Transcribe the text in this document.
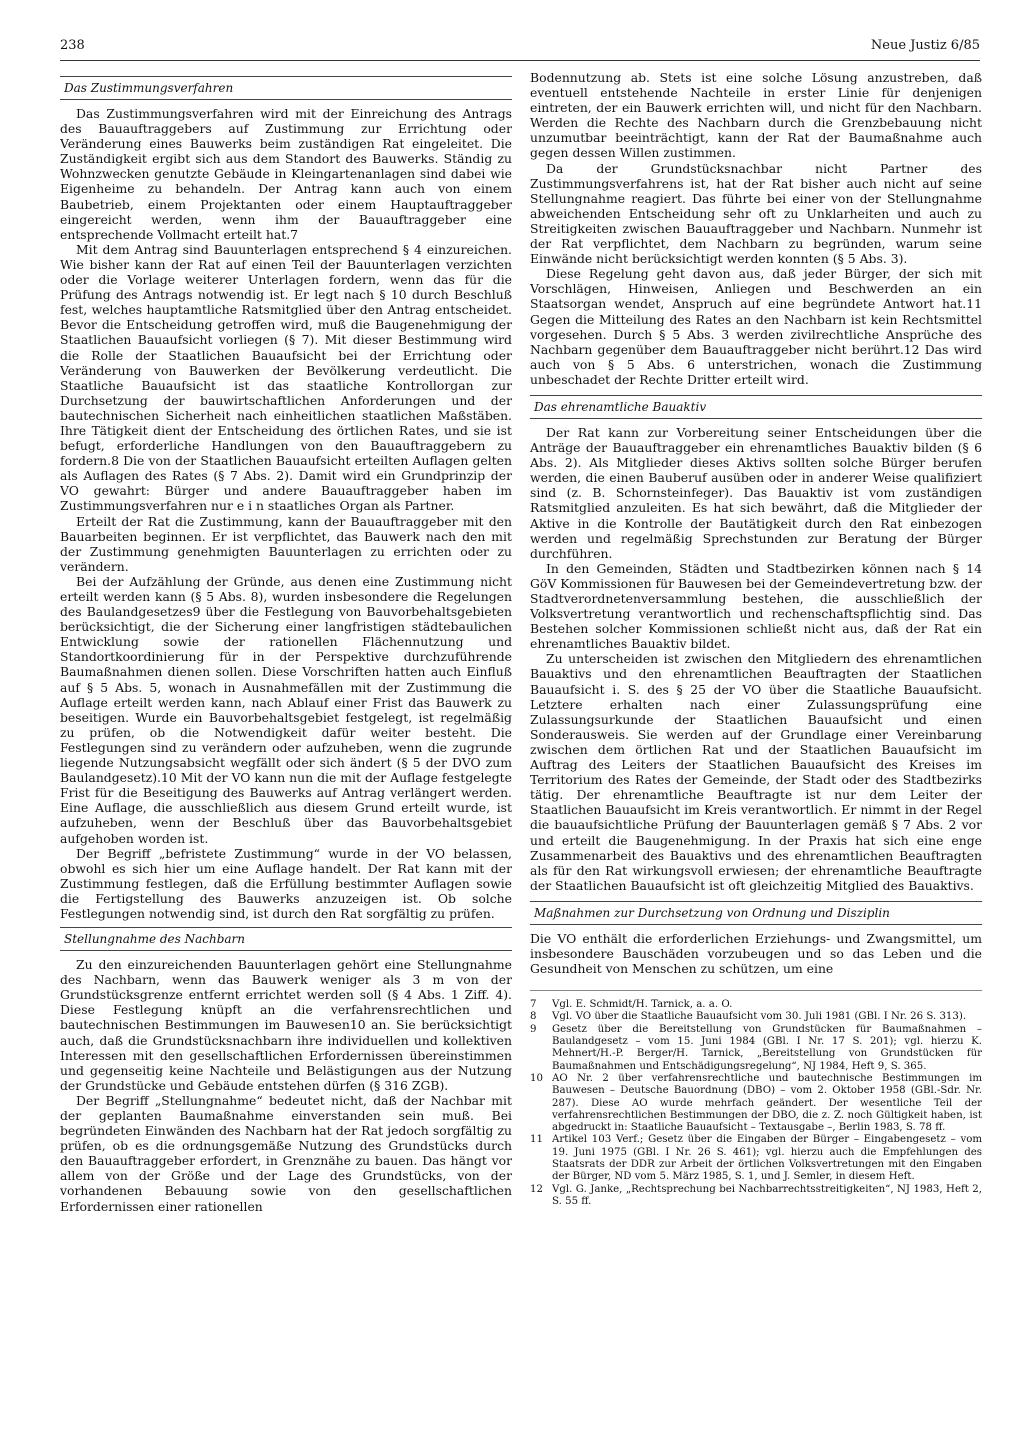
238	Neue Justiz 6/85
Das Zustimmungsverfahren

Das Zustimmungsverfahren wird mit der Einreichung des Antrags des Bauauftraggebers auf Zustimmung zur Errichtung oder Veränderung eines Bauwerks beim zuständigen Rat eingeleitet. Die Zuständigkeit ergibt sich aus dem Standort des Bauwerks. Ständig zu Wohnzwecken genutzte Gebäude in Kleingartenanlagen sind dabei wie Eigenheime zu behandeln. Der Antrag kann auch von einem Baubetrieb, einem Projektanten oder einem Hauptauftraggeber eingereicht werden, wenn ihm der Bauauftraggeber eine entsprechende Vollmacht erteilt hat.7

Mit dem Antrag sind Bauunterlagen entsprechend § 4 einzureichen. Wie bisher kann der Rat auf einen Teil der Bauunterlagen verzichten oder die Vorlage weiterer Unterlagen fordern, wenn das für die Prüfung des Antrags notwendig ist. Er legt nach § 10 durch Beschluß fest, welches hauptamtliche Ratsmitglied über den Antrag entscheidet. Bevor die Entscheidung getroffen wird, muß die Baugenehmigung der Staatlichen Bauaufsicht vorliegen (§ 7). Mit dieser Bestimmung wird die Rolle der Staatlichen Bauaufsicht bei der Errichtung oder Veränderung von Bauwerken der Bevölkerung verdeutlicht. Die Staatliche Bauaufsicht ist das staatliche Kontrollorgan zur Durchsetzung der bauwirtschaftlichen Anforderungen und der bautechnischen Sicherheit nach einheitlichen staatlichen Maßstäben. Ihre Tätigkeit dient der Entscheidung des örtlichen Rates, und sie ist befugt, erforderliche Handlungen von den Bauauftraggebern zu fordern.8 Die von der Staatlichen Bauaufsicht erteilten Auflagen gelten als Auflagen des Rates (§ 7 Abs. 2). Damit wird ein Grundprinzip der VO gewahrt: Bürger und andere Bauauftraggeber haben im Zustimmungsverfahren nur e i n staatliches Organ als Partner.

Erteilt der Rat die Zustimmung, kann der Bauauftraggeber mit den Bauarbeiten beginnen. Er ist verpflichtet, das Bauwerk nach den mit der Zustimmung genehmigten Bauunterlagen zu errichten oder zu verändern.

Bei der Aufzählung der Gründe, aus denen eine Zustimmung nicht erteilt werden kann (§ 5 Abs. 8), wurden insbesondere die Regelungen des Baulandgesetzes9 über die Festlegung von Bauvorbehaltsgebieten berücksichtigt, die der Sicherung einer langfristigen städtebaulichen Entwicklung sowie der rationellen Flächennutzung und Standortkoordinierung für in der Perspektive durchzuführende Baumaßnahmen dienen sollen. Diese Vorschriften hatten auch Einfluß auf § 5 Abs. 5, wonach in Ausnahmefällen mit der Zustimmung die Auflage erteilt werden kann, nach Ablauf einer Frist das Bauwerk zu beseitigen. Wurde ein Bauvorbehaltsgebiet festgelegt, ist regelmäßig zu prüfen, ob die Notwendigkeit dafür weiter besteht. Die Festlegungen sind zu verändern oder aufzuheben, wenn die zugrunde liegende Nutzungsabsicht wegfällt oder sich ändert (§ 5 der DVO zum Baulandgesetz).10 Mit der VO kann nun die mit der Auflage festgelegte Frist für die Beseitigung des Bauwerks auf Antrag verlängert werden. Eine Auflage, die ausschließlich aus diesem Grund erteilt wurde, ist aufzuheben, wenn der Beschluß über das Bauvorbehaltsgebiet aufgehoben worden ist.

Der Begriff „befristete Zustimmung“ wurde in der VO belassen, obwohl es sich hier um eine Auflage handelt. Der Rat kann mit der Zustimmung festlegen, daß die Erfüllung bestimmter Auflagen sowie die Fertigstellung des Bauwerks anzuzeigen ist. Ob solche Festlegungen notwendig sind, ist durch den Rat sorgfältig zu prüfen.

Stellungnahme des Nachbarn

Zu den einzureichenden Bauunterlagen gehört eine Stellungnahme des Nachbarn, wenn das Bauwerk weniger als 3 m von der Grundstücksgrenze entfernt errichtet werden soll (§ 4 Abs. 1 Ziff. 4). Diese Festlegung knüpft an die verfahrensrechtlichen und bautechnischen Bestimmungen im Bauwesen10 an. Sie berücksichtigt auch, daß die Grundstücksnachbarn ihre individuellen und kollektiven Interessen mit den gesellschaftlichen Erfordernissen übereinstimmen und gegenseitig keine Nachteile und Belästigungen aus der Nutzung der Grundstücke und Gebäude entstehen dürfen (§ 316 ZGB).

Der Begriff „Stellungnahme“ bedeutet nicht, daß der Nachbar mit der geplanten Baumaßnahme einverstanden sein muß. Bei begründeten Einwänden des Nachbarn hat der Rat jedoch sorgfältig zu prüfen, ob es die ordnungsgemäße Nutzung des Grundstücks durch den Bauauftraggeber erfordert, in Grenznähe zu bauen. Das hängt vor allem von der Größe und der Lage des Grundstücks, von der vorhandenen Bebauung sowie von den gesellschaftlichen Erfordernissen einer rationellen

Bodennutzung ab. Stets ist eine solche Lösung anzustreben, daß eventuell entstehende Nachteile in erster Linie für denjenigen eintreten, der ein Bauwerk errichten will, und nicht für den Nachbarn. Werden die Rechte des Nachbarn durch die Grenzbebauung nicht unzumutbar beeinträchtigt, kann der Rat der Baumaßnahme auch gegen dessen Willen zustimmen.

Da der Grundstücksnachbar nicht Partner des Zustimmungsverfahrens ist, hat der Rat bisher auch nicht auf seine Stellungnahme reagiert. Das führte bei einer von der Stellungnahme abweichenden Entscheidung sehr oft zu Unklarheiten und auch zu Streitigkeiten zwischen Bauauftraggeber und Nachbarn. Nunmehr ist der Rat verpflichtet, dem Nachbarn zu begründen, warum seine Einwände nicht berücksichtigt werden konnten (§ 5 Abs. 3).

Diese Regelung geht davon aus, daß jeder Bürger, der sich mit Vorschlägen, Hinweisen, Anliegen und Beschwerden an ein Staatsorgan wendet, Anspruch auf eine begründete Antwort hat.11 Gegen die Mitteilung des Rates an den Nachbarn ist kein Rechtsmittel vorgesehen. Durch § 5 Abs. 3 werden zivilrechtliche Ansprüche des Nachbarn gegenüber dem Bauauftraggeber nicht berührt.12 Das wird auch von § 5 Abs. 6 unterstrichen, wonach die Zustimmung unbeschadet der Rechte Dritter erteilt wird.

Das ehrenamtliche Bauaktiv

Der Rat kann zur Vorbereitung seiner Entscheidungen über die Anträge der Bauauftraggeber ein ehrenamtliches Bauaktiv bilden (§ 6 Abs. 2). Als Mitglieder dieses Aktivs sollten solche Bürger berufen werden, die einen Bauberuf ausüben oder in anderer Weise qualifiziert sind (z. B. Schornsteinfeger). Das Bauaktiv ist vom zuständigen Ratsmitglied anzuleiten. Es hat sich bewährt, daß die Mitglieder der Aktive in die Kontrolle der Bautätigkeit durch den Rat einbezogen werden und regelmäßig Sprechstunden zur Beratung der Bürger durchführen.

In den Gemeinden, Städten und Stadtbezirken können nach § 14 GöV Kommissionen für Bauwesen bei der Gemeindevertretung bzw. der Stadtverordnetenversammlung bestehen, die ausschließlich der Volksvertretung verantwortlich und rechenschaftspflichtig sind. Das Bestehen solcher Kommissionen schließt nicht aus, daß der Rat ein ehrenamtliches Bauaktiv bildet.

Zu unterscheiden ist zwischen den Mitgliedern des ehrenamtlichen Bauaktivs und den ehrenamtlichen Beauftragten der Staatlichen Bauaufsicht i. S. des § 25 der VO über die Staatliche Bauaufsicht. Letztere erhalten nach einer Zulassungsprüfung eine Zulassungsurkunde der Staatlichen Bauaufsicht und einen Sonderausweis. Sie werden auf der Grundlage einer Vereinbarung zwischen dem örtlichen Rat und der Staatlichen Bauaufsicht im Auftrag des Leiters der Staatlichen Bauaufsicht des Kreises im Territorium des Rates der Gemeinde, der Stadt oder des Stadtbezirks tätig. Der ehrenamtliche Beauftragte ist nur dem Leiter der Staatlichen Bauaufsicht im Kreis verantwortlich. Er nimmt in der Regel die bauaufsichtliche Prüfung der Bauunterlagen gemäß § 7 Abs. 2 vor und erteilt die Baugenehmigung. In der Praxis hat sich eine enge Zusammenarbeit des Bauaktivs und des ehrenamtlichen Beauftragten als für den Rat wirkungsvoll erwiesen; der ehrenamtliche Beauftragte der Staatlichen Bauaufsicht ist oft gleichzeitig Mitglied des Bauaktivs.

Maßnahmen zur Durchsetzung von Ordnung und Disziplin

Die VO enthält die erforderlichen Erziehungs- und Zwangsmittel, um insbesondere Bauschäden vorzubeugen und so das Leben und die Gesundheit von Menschen zu schützen, um eine

7	Vgl. E. Schmidt/H. Tarnick, a. a. O.
8	Vgl. VO über die Staatliche Bauaufsicht vom 30. Juli 1981 (GBl. I Nr. 26 S. 313).
9	Gesetz über die Bereitstellung von Grundstücken für Baumaßnahmen – Baulandgesetz – vom 15. Juni 1984 (GBl. I Nr. 17 S. 201); vgl. hierzu K. Mehnert/H.-P. Berger/H. Tarnick, „Bereitstellung von Grundstücken für Baumaßnahmen und Entschädigungsregelung“, NJ 1984, Heft 9, S. 365.
10 AO Nr. 2 über verfahrensrechtliche und bautechnische Bestimmungen im Bauwesen – Deutsche Bauordnung (DBO) – vom 2. Oktober 1958 (GBl.-Sdr. Nr. 287). Diese AO wurde mehrfach geändert. Der wesentliche Teil der verfahrensrechtlichen Bestimmungen der DBO, die z. Z. noch Gültigkeit haben, ist abgedruckt in: Staatliche Bauaufsicht – Textausgabe –, Berlin 1983, S. 78 ff.
11 Artikel 103 Verf.; Gesetz über die Eingaben der Bürger – Eingabengesetz – vom 19. Juni 1975 (GBl. I Nr. 26 S. 461); vgl. hierzu auch die Empfehlungen des Staatsrats der DDR zur Arbeit der örtlichen Volksvertretungen mit den Eingaben der Bürger, ND vom 5. März 1985, S. 1, und J. Semler, in diesem Heft.
12 Vgl. G. Janke, „Rechtsprechung bei Nachbarrechtsstreitigkeiten“, NJ 1983, Heft 2, S. 55 ff.
